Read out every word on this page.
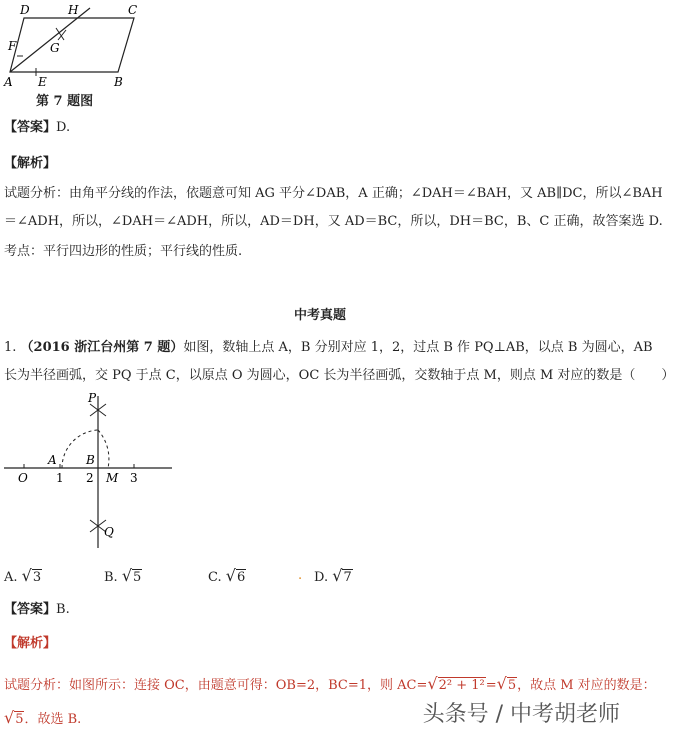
D	H	C
F	G
A E	B
第 7 题图
【答案】D.
【解析】
试题分析：由角平分线的作法，依题意可知 AG 平分∠DAB，A 正确；∠DAH＝∠BAH，又 AB∥DC，所以∠BAH
＝∠ADH，所以，∠DAH＝∠ADH，所以，AD＝DH，又 AD＝BC，所以，DH＝BC，B、C 正确，故答案选 D.
考点：平行四边形的性质；平行线的性质.
中考真题
1. （2016 浙江台州第 7 题）如图，数轴上点 A，B 分别对应 1，2，过点 B 作 PQ⊥AB，以点 B 为圆心，AB
长为半径画弧，交 PQ 于点 C，以原点 O 为圆心，OC 长为半径画弧，交数轴于点 M，则点 M 对应的数是（　　）
P
A B
O 1 2 M 3
Q
A. √3	B. √5	C. √6	. D. √7
【答案】B.
【解析】
试题分析：如图所示：连接 OC，由题意可得：OB=2，BC=1，则 AC=√2² + 1²=√5，故点 M 对应的数是：
√5．故选 B.	头条号 / 中考胡老师
